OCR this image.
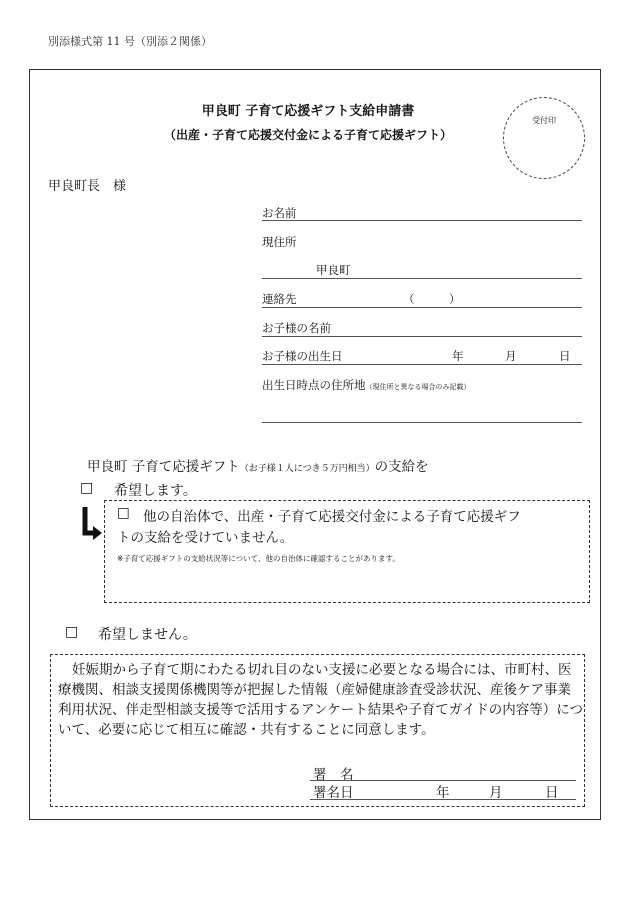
別添様式第 11 号（別添２関係）
甲良町 子育て応援ギフト支給申請書
（出産・子育て応援交付金による子育て応援ギフト）
受付印
甲良町長　様
お名前
現住所
甲良町
連絡先	（　　　）
お子様の名前
お子様の出生日	年	月	日
出生日時点の住所地（現住所と異なる場合のみ記載）
甲良町 子育て応援ギフト（お子様１人につき５万円相当）の支給を
□ 希望します。
□ 他の自治体で、出産・子育て応援交付金による子育て応援ギフ
トの支給を受けていません。
※子育て応援ギフトの支給状況等について、他の自治体に確認することがあります。
□ 希望しません。

妊娠期から子育て期にわたる切れ目のない支援に必要となる場合には、市町村、医療機関、相談支援関係機関等が把握した情報（産婦健康診査受診状況、産後ケア事業利用状況、伴走型相談支援等で活用するアンケート結果や子育てガイドの内容等）について、必要に応じて相互に確認・共有することに同意します。

署　名
署名日	年	月	日
